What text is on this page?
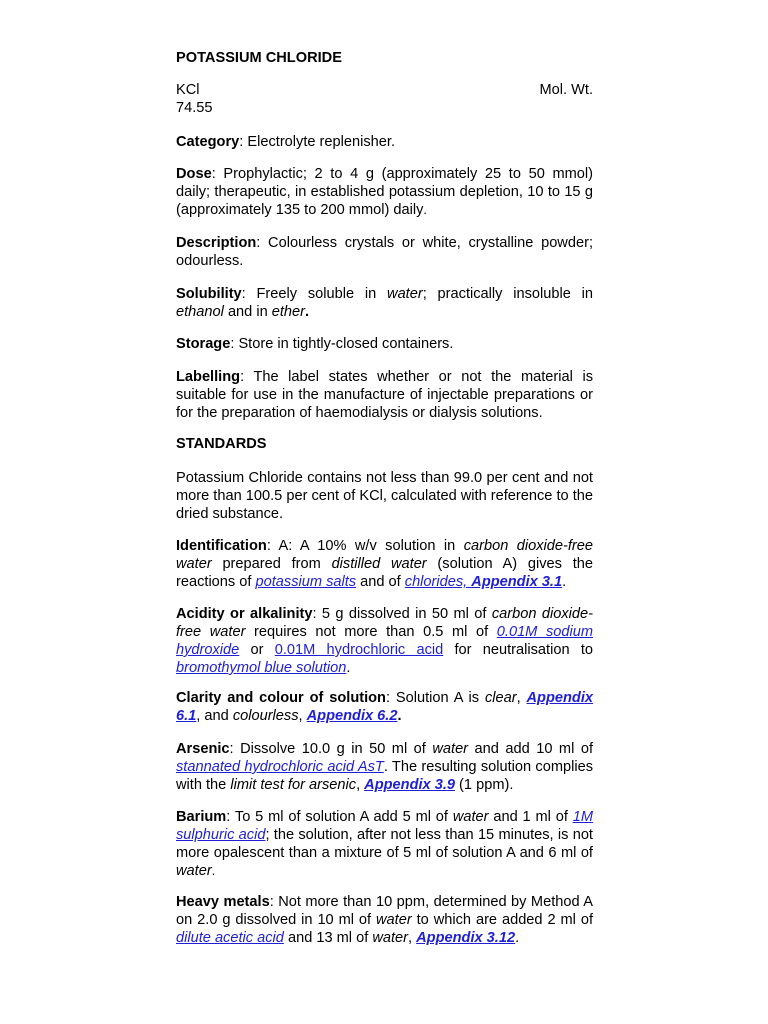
POTASSIUM CHLORIDE

KCl	Mol. Wt.
74.55

Category: Electrolyte replenisher.

Dose: Prophylactic; 2 to 4 g (approximately 25 to 50 mmol) daily; therapeutic, in established potassium depletion, 10 to 15 g (approximately 135 to 200 mmol) daily.

Description: Colourless crystals or white, crystalline powder; odourless.

Solubility: Freely soluble in water; practically insoluble in ethanol and in ether.

Storage: Store in tightly-closed containers.

Labelling: The label states whether or not the material is suitable for use in the manufacture of injectable preparations or for the preparation of haemodialysis or dialysis solutions.

STANDARDS

Potassium Chloride contains not less than 99.0 per cent and not more than 100.5 per cent of KCl, calculated with reference to the dried substance.

Identification: A: A 10% w/v solution in carbon dioxide-free water prepared from distilled water (solution A) gives the reactions of potassium salts and of chlorides, Appendix 3.1.

Acidity or alkalinity: 5 g dissolved in 50 ml of carbon dioxide-free water requires not more than 0.5 ml of 0.01M sodium hydroxide or 0.01M hydrochloric acid for neutralisation to bromothymol blue solution.

Clarity and colour of solution: Solution A is clear, Appendix 6.1, and colourless, Appendix 6.2.

Arsenic: Dissolve 10.0 g in 50 ml of water and add 10 ml of stannated hydrochloric acid AsT. The resulting solution complies with the limit test for arsenic, Appendix 3.9 (1 ppm).

Barium: To 5 ml of solution A add 5 ml of water and 1 ml of 1M sulphuric acid; the solution, after not less than 15 minutes, is not more opalescent than a mixture of 5 ml of solution A and 6 ml of water.

Heavy metals: Not more than 10 ppm, determined by Method A on 2.0 g dissolved in 10 ml of water to which are added 2 ml of dilute acetic acid and 13 ml of water, Appendix 3.12.
